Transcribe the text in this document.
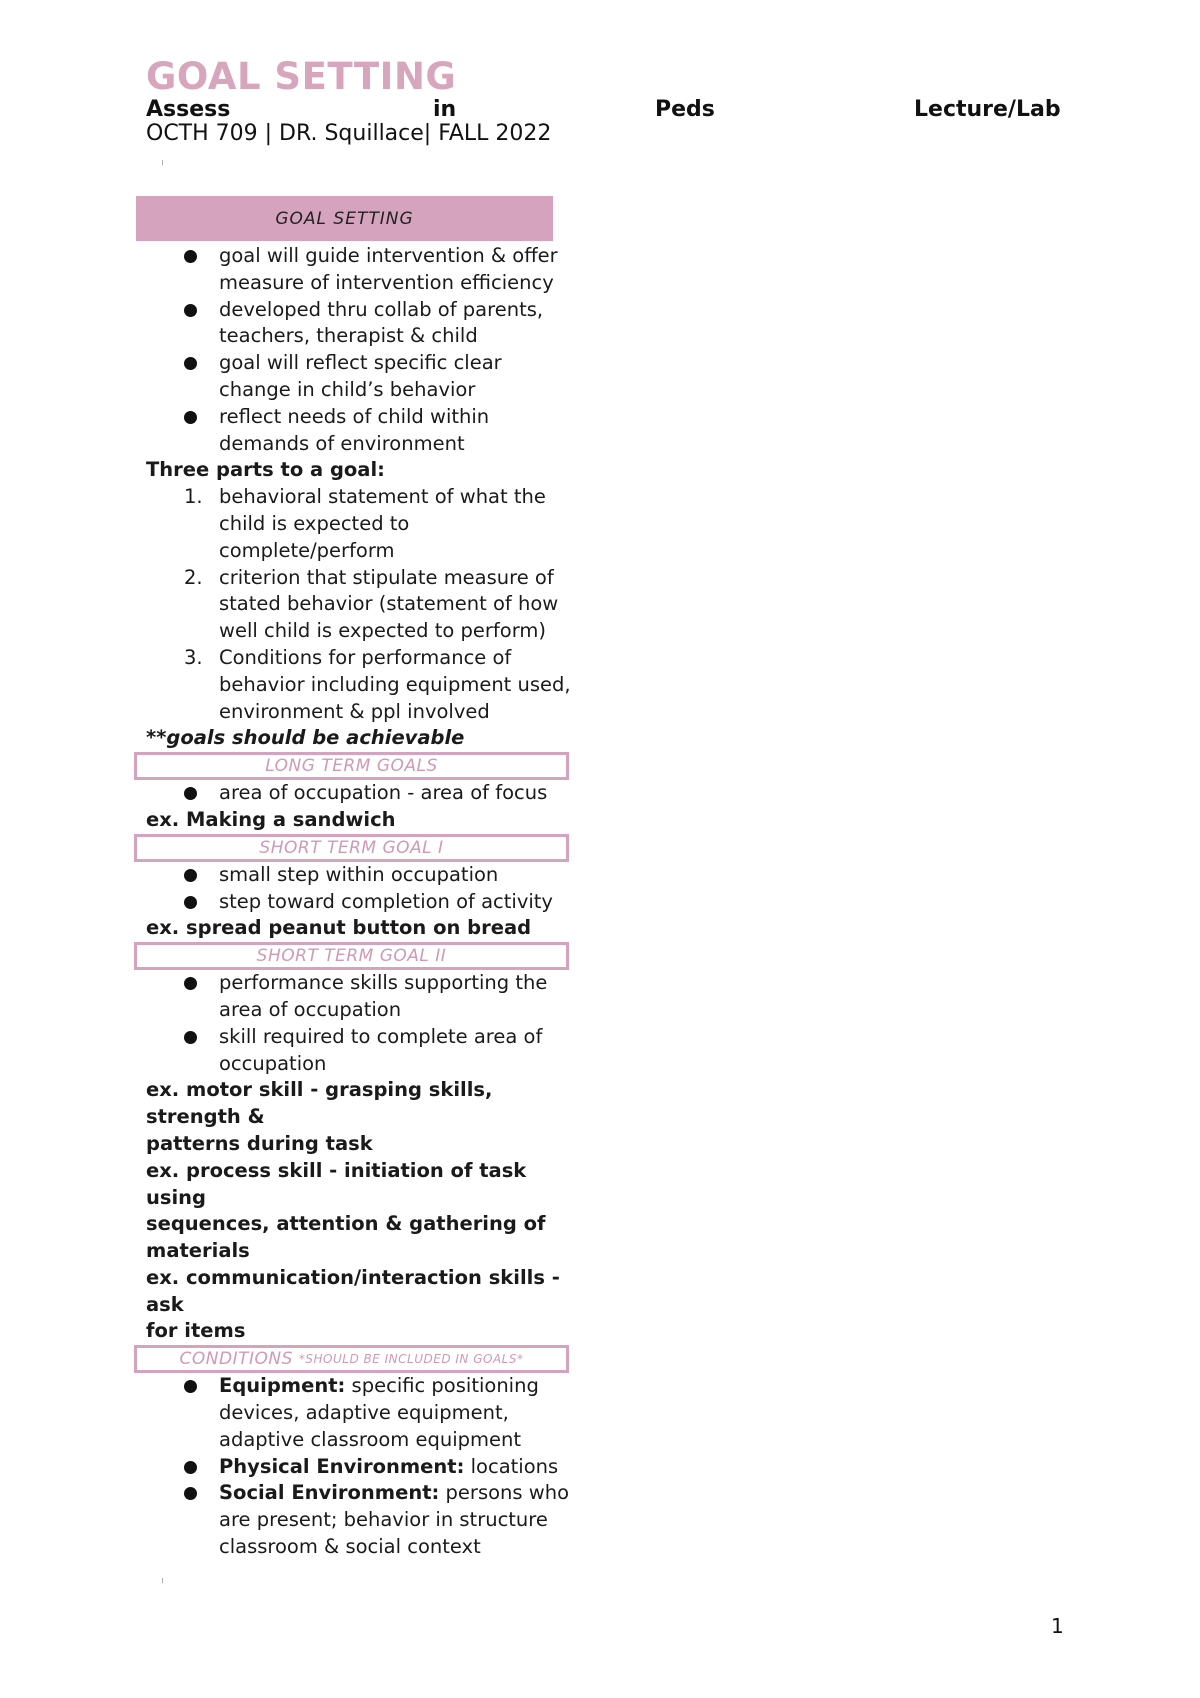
GOAL SETTING
Assess	in	Peds	Lecture/Lab
OCTH 709 | DR. Squillace| FALL 2022
GOAL SETTING
goal will guide intervention & offer
measure of intervention efficiency
developed thru collab of parents,
teachers, therapist & child
goal will reflect specific clear
change in child’s behavior
reflect needs of child within
demands of environment
Three parts to a goal:
1. behavioral statement of what the
child is expected to
complete/perform
2. criterion that stipulate measure of
stated behavior (statement of how
well child is expected to perform)
3. Conditions for performance of
behavior including equipment used,
environment & ppl involved
**goals should be achievable
LONG TERM GOALS
area of occupation - area of focus
ex. Making a sandwich
SHORT TERM GOAL I
small step within occupation
step toward completion of activity
ex. spread peanut button on bread
SHORT TERM GOAL II
performance skills supporting the
area of occupation
skill required to complete area of
occupation
ex. motor skill - grasping skills, strength &
patterns during task
ex. process skill - initiation of task using
sequences, attention & gathering of
materials
ex. communication/interaction skills - ask
for items
CONDITIONS *SHOULD BE INCLUDED IN GOALS*
Equipment: specific positioning
devices, adaptive equipment,
adaptive classroom equipment
Physical Environment: locations
Social Environment: persons who
are present; behavior in structure
classroom & social context
1
